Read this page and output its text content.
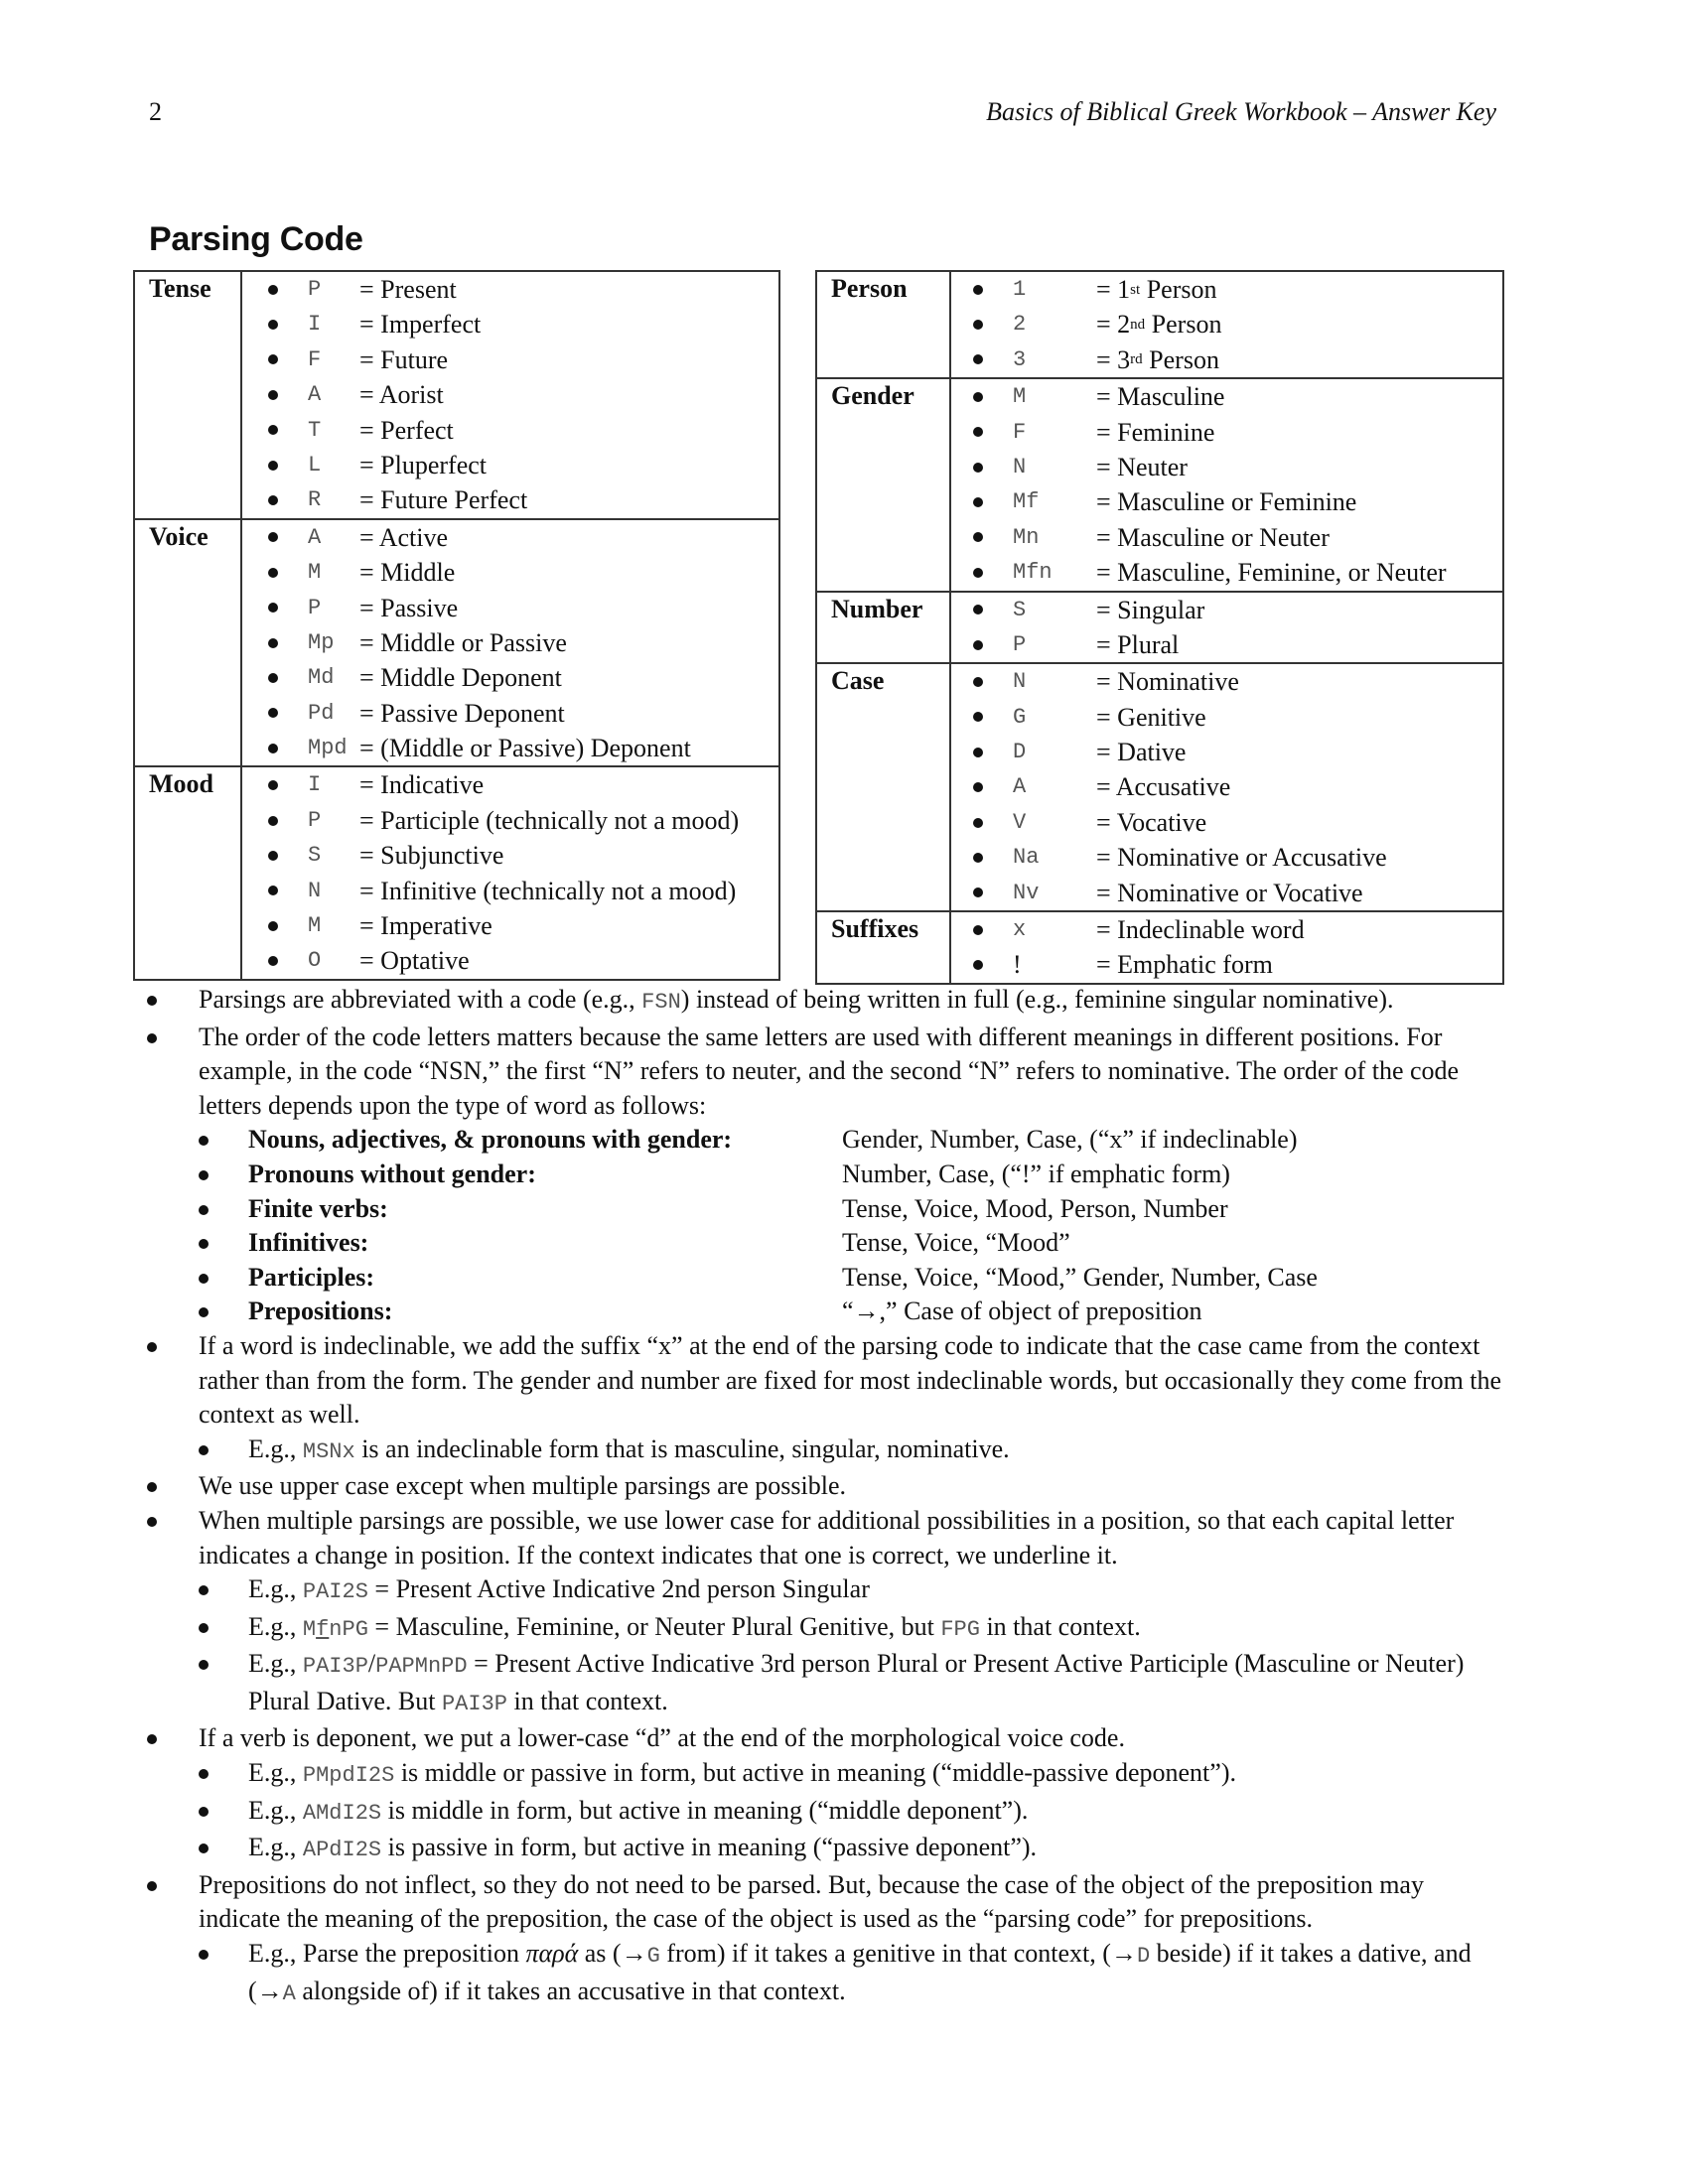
2	Basics of Biblical Greek Workbook – Answer Key
Parsing Code
Tense	P	= Present
I	= Imperfect
F	= Future
A	= Aorist
T	= Perfect
L	= Pluperfect
R	= Future Perfect

Voice	A	= Active
M	= Middle
P	= Passive
Mp = Middle or Passive
Md = Middle Deponent
Pd = Passive Deponent
Mpd = (Middle or Passive) Deponent

Mood	I	= Indicative
P	= Participle (technically not a mood)
S	= Subjunctive
N	= Infinitive (technically not a mood)
M	= Imperative
O	= Optative
Person	1	= 1 st Person
2	= 2 nd Person
3	= 3 rd Person

Gender	M	= Masculine
F	= Feminine
N	= Neuter
Mf	= Masculine or Feminine
Mn	= Masculine or Neuter
Mfn	= Masculine, Feminine, or Neuter

Number	S	= Singular
P	= Plural

Case	N	= Nominative
G	= Genitive
D	= Dative
A	= Accusative
V	= Vocative
Na	= Nominative or Accusative
Nv	= Nominative or Vocative

Suffixes	x	= Indeclinable word
!	= Emphatic form
Parsings are abbreviated with a code (e.g., FSN) instead of being written in full (e.g., feminine singular nominative).
The order of the code letters matters because the same letters are used with different meanings in different positions. For example, in the code “NSN,” the first “N” refers to neuter, and the second “N” refers to nominative. The order of the code letters depends upon the type of word as follows:
Nouns, adjectives, & pronouns with gender:	Gender, Number, Case, (“x” if indeclinable)
Pronouns without gender:	Number, Case, (“!” if emphatic form)
Finite verbs:	Tense, Voice, Mood, Person, Number
Infinitives:	Tense, Voice, “Mood”
Participles:	Tense, Voice, “Mood,” Gender, Number, Case
Prepositions:	“→,” Case of object of preposition
If a word is indeclinable, we add the suffix “x” at the end of the parsing code to indicate that the case came from the context rather than from the form. The gender and number are fixed for most indeclinable words, but occasionally they come from the context as well.
E.g., MSNx is an indeclinable form that is masculine, singular, nominative.
We use upper case except when multiple parsings are possible.
When multiple parsings are possible, we use lower case for additional possibilities in a position, so that each capital letter indicates a change in position. If the context indicates that one is correct, we underline it.
E.g., PAI2S = Present Active Indicative 2nd person Singular
E.g., MfnPG = Masculine, Feminine, or Neuter Plural Genitive, but FPG in that context.
E.g., PAI3P/PAPMnPD = Present Active Indicative 3rd person Plural or Present Active Participle (Masculine or Neuter) Plural Dative. But PAI3P in that context.
If a verb is deponent, we put a lower-case “d” at the end of the morphological voice code.
E.g., PMpdI2S is middle or passive in form, but active in meaning (“middle-passive deponent”).
E.g., AMdI2S is middle in form, but active in meaning (“middle deponent”).
E.g., APdI2S is passive in form, but active in meaning (“passive deponent”).
Prepositions do not inflect, so they do not need to be parsed. But, because the case of the object of the preposition may indicate the meaning of the preposition, the case of the object is used as the “parsing code” for prepositions.
E.g., Parse the preposition παρά as (→G from) if it takes a genitive in that context, (→D beside) if it takes a dative, and (→A alongside of) if it takes an accusative in that context.
